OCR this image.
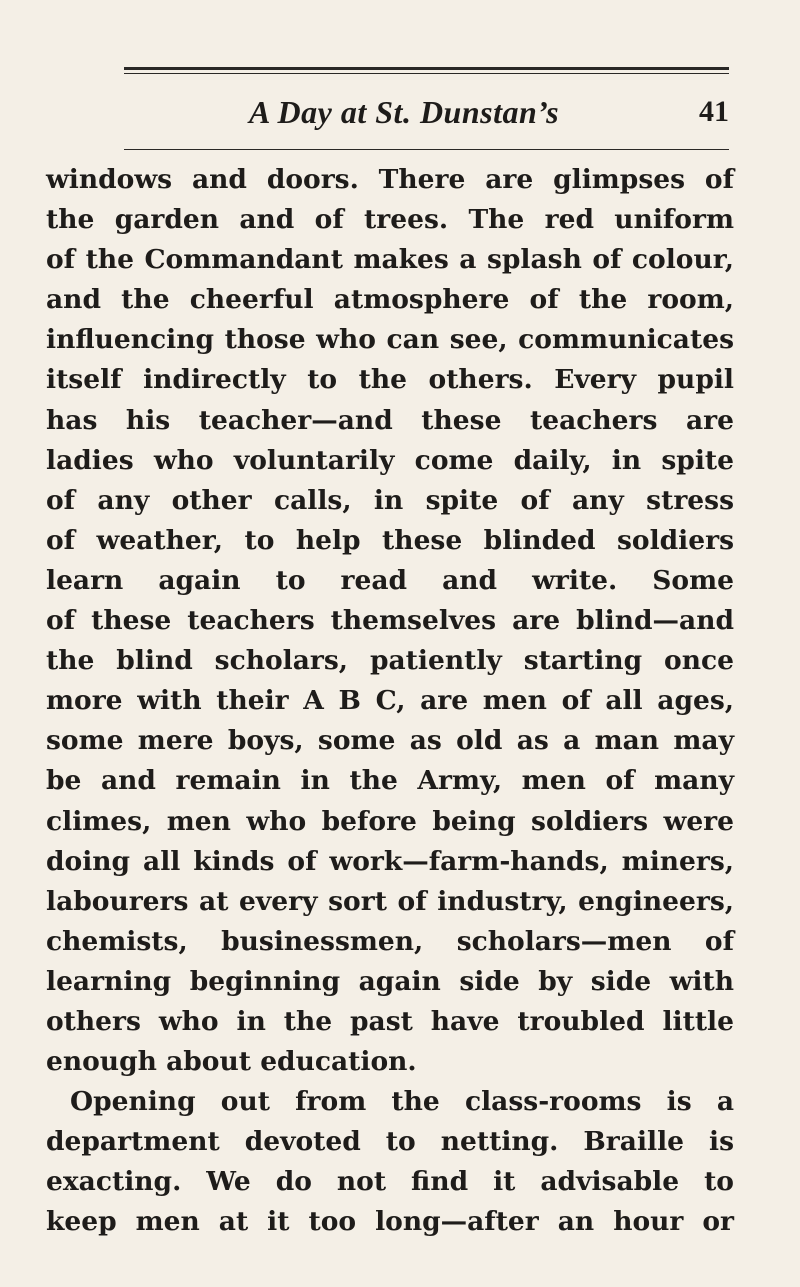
A Day at St. Dunstan’s	41
windows and doors. There are glimpses of
the garden and of trees. The red uniform
of the Commandant makes a splash of colour,
and the cheerful atmosphere of the room,
influencing those who can see, communicates
itself indirectly to the others. Every pupil
has his teacher—and these teachers are
ladies who voluntarily come daily, in spite
of any other calls, in spite of any stress
of weather, to help these blinded soldiers
learn again to read and write. Some
of these teachers themselves are blind—and
the blind scholars, patiently starting once
more with their A B C, are men of all ages,
some mere boys, some as old as a man may
be and remain in the Army, men of many
climes, men who before being soldiers were
doing all kinds of work—farm-hands, miners,
labourers at every sort of industry, engineers,
chemists, businessmen, scholars—men of
learning beginning again side by side with
others who in the past have troubled little
enough about education.
Opening out from the class-rooms is a
department devoted to netting. Braille is
exacting. We do not find it advisable to
keep men at it too long—after an hour or
